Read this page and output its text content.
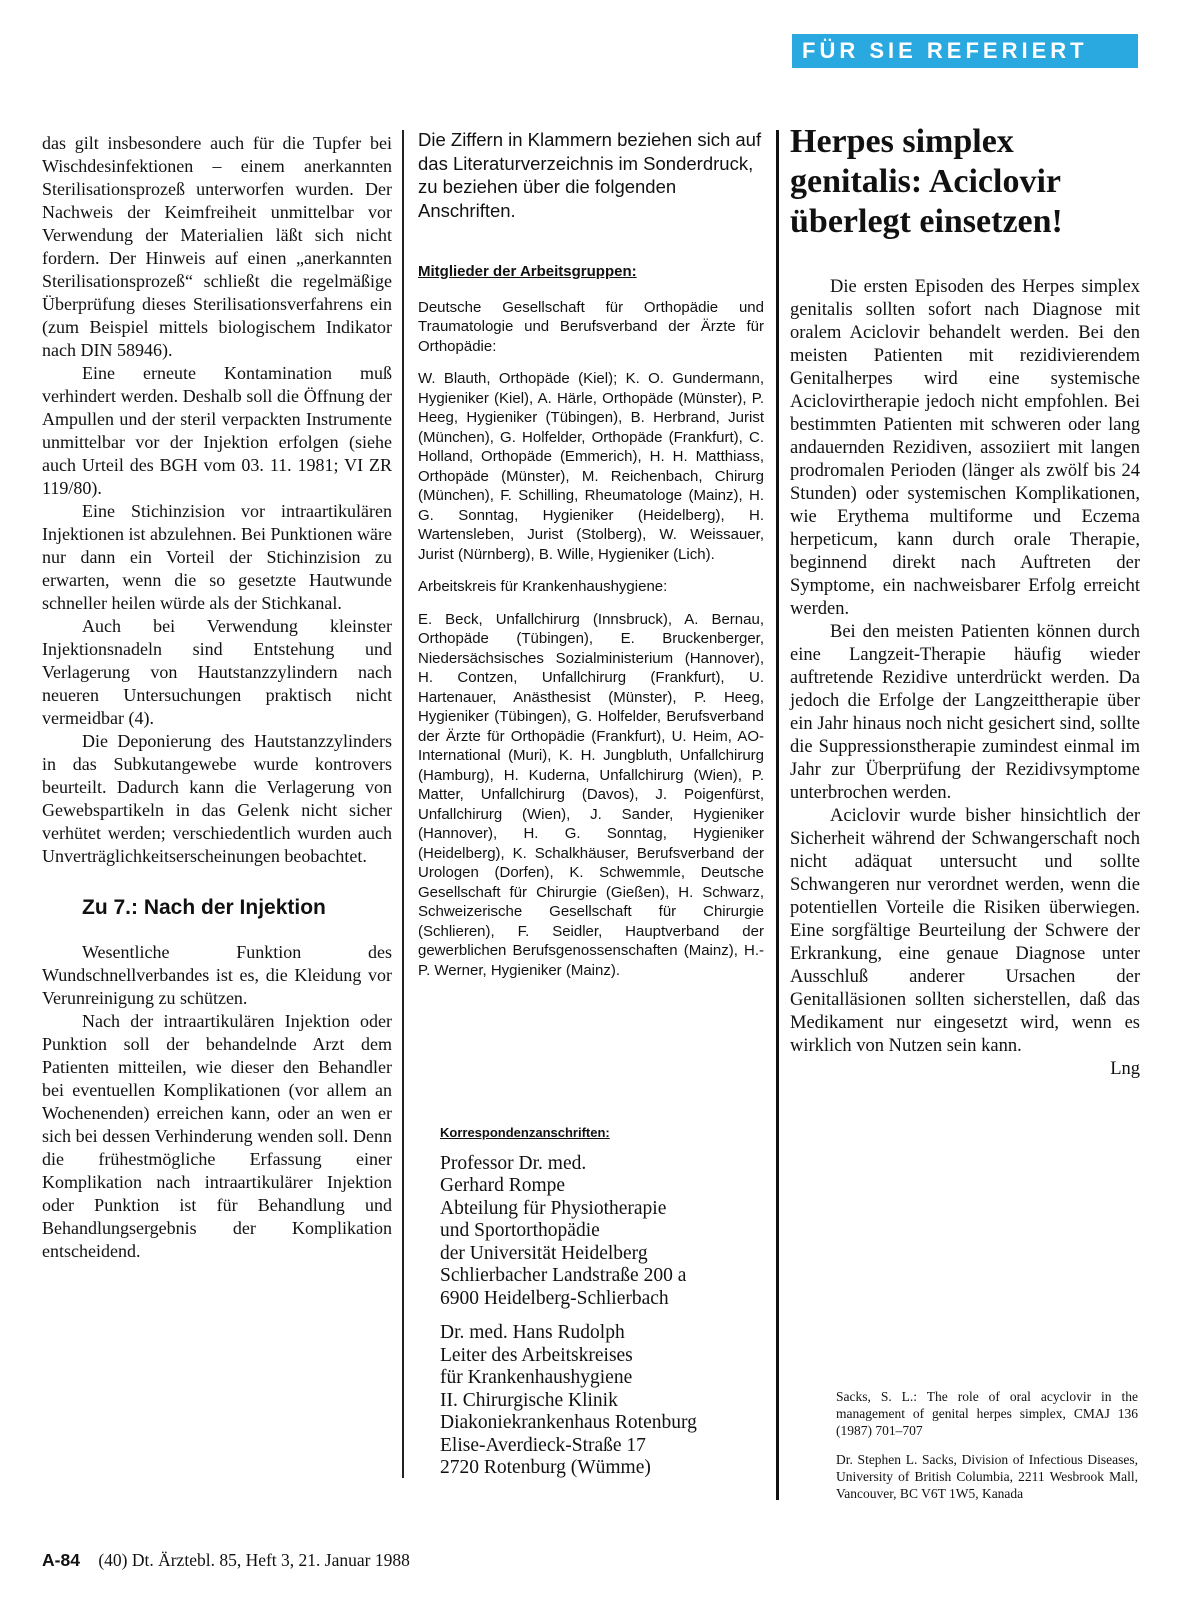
FÜR SIE REFERIERT

das gilt insbesondere auch für die Tupfer bei Wischdesinfektionen – einem anerkannten Sterilisationsprozeß unterworfen wurden. Der Nachweis der Keimfreiheit unmittelbar vor Verwendung der Materialien läßt sich nicht fordern. Der Hinweis auf einen „anerkannten Sterilisationsprozeß“ schließt die regelmäßige Überprüfung dieses Sterilisationsverfahrens ein (zum Beispiel mittels biologischem Indikator nach DIN 58946).

Eine erneute Kontamination muß verhindert werden. Deshalb soll die Öffnung der Ampullen und der steril verpackten Instrumente unmittelbar vor der Injektion erfolgen (siehe auch Urteil des BGH vom 03. 11. 1981; VI ZR 119/80).

Eine Stichinzision vor intraartikulären Injektionen ist abzulehnen. Bei Punktionen wäre nur dann ein Vorteil der Stichinzision zu erwarten, wenn die so gesetzte Hautwunde schneller heilen würde als der Stichkanal.

Auch bei Verwendung kleinster Injektionsnadeln sind Entstehung und Verlagerung von Hautstanzzylindern nach neueren Untersuchungen praktisch nicht vermeidbar (4).

Die Deponierung des Hautstanzzylinders in das Subkutangewebe wurde kontrovers beurteilt. Dadurch kann die Verlagerung von Gewebspartikeln in das Gelenk nicht sicher verhütet werden; verschiedentlich wurden auch Unverträglichkeitserscheinungen beobachtet.

Zu 7.: Nach der Injektion

Wesentliche Funktion des Wundschnellverbandes ist es, die Kleidung vor Verunreinigung zu schützen.

Nach der intraartikulären Injektion oder Punktion soll der behandelnde Arzt dem Patienten mitteilen, wie dieser den Behandler bei eventuellen Komplikationen (vor allem an Wochenenden) erreichen kann, oder an wen er sich bei dessen Verhinderung wenden soll. Denn die frühestmögliche Erfassung einer Komplikation nach intraartikulärer Injektion oder Punktion ist für Behandlung und Behandlungsergebnis der Komplikation entscheidend.

Die Ziffern in Klammern beziehen sich auf das Literaturverzeichnis im Sonderdruck, zu beziehen über die folgenden Anschriften.

Mitglieder der Arbeitsgruppen:

Deutsche Gesellschaft für Orthopädie und Traumatologie und Berufsverband der Ärzte für Orthopädie:

W. Blauth, Orthopäde (Kiel); K. O. Gundermann, Hygieniker (Kiel), A. Härle, Orthopäde (Münster), P. Heeg, Hygieniker (Tübingen), B. Herbrand, Jurist (München), G. Holfelder, Orthopäde (Frankfurt), C. Holland, Orthopäde (Emmerich), H. H. Matthiass, Orthopäde (Münster), M. Reichenbach, Chirurg (München), F. Schilling, Rheumatologe (Mainz), H. G. Sonntag, Hygieniker (Heidelberg), H. Wartensleben, Jurist (Stolberg), W. Weissauer, Jurist (Nürnberg), B. Wille, Hygieniker (Lich).

Arbeitskreis für Krankenhaushygiene:

E. Beck, Unfallchirurg (Innsbruck), A. Bernau, Orthopäde (Tübingen), E. Bruckenberger, Niedersächsisches Sozialministerium (Hannover), H. Contzen, Unfallchirurg (Frankfurt), U. Hartenauer, Anästhesist (Münster), P. Heeg, Hygieniker (Tübingen), G. Holfelder, Berufsverband der Ärzte für Orthopädie (Frankfurt), U. Heim, AO-International (Muri), K. H. Jungbluth, Unfallchirurg (Hamburg), H. Kuderna, Unfallchirurg (Wien), P. Matter, Unfallchirurg (Davos), J. Poigenfürst, Unfallchirurg (Wien), J. Sander, Hygieniker (Hannover), H. G. Sonntag, Hygieniker (Heidelberg), K. Schalkhäuser, Berufsverband der Urologen (Dorfen), K. Schwemmle, Deutsche Gesellschaft für Chirurgie (Gießen), H. Schwarz, Schweizerische Gesellschaft für Chirurgie (Schlieren), F. Seidler, Hauptverband der gewerblichen Berufsgenossenschaften (Mainz), H.-P. Werner, Hygieniker (Mainz).

Korrespondenzanschriften:

Professor Dr. med.
Gerhard Rompe
Abteilung für Physiotherapie
und Sportorthopädie
der Universität Heidelberg
Schlierbacher Landstraße 200 a
6900 Heidelberg-Schlierbach

Dr. med. Hans Rudolph
Leiter des Arbeitskreises
für Krankenhaushygiene
II. Chirurgische Klinik
Diakoniekrankenhaus Rotenburg
Elise-Averdieck-Straße 17
2720 Rotenburg (Wümme)

Herpes simplex genitalis: Aciclovir überlegt einsetzen!

Die ersten Episoden des Herpes simplex genitalis sollten sofort nach Diagnose mit oralem Aciclovir behandelt werden. Bei den meisten Patienten mit rezidivierendem Genitalherpes wird eine systemische Aciclovirtherapie jedoch nicht empfohlen. Bei bestimmten Patienten mit schweren oder lang andauernden Rezidiven, assoziiert mit langen prodromalen Perioden (länger als zwölf bis 24 Stunden) oder systemischen Komplikationen, wie Erythema multiforme und Eczema herpeticum, kann durch orale Therapie, beginnend direkt nach Auftreten der Symptome, ein nachweisbarer Erfolg erreicht werden.

Bei den meisten Patienten können durch eine Langzeit-Therapie häufig wieder auftretende Rezidive unterdrückt werden. Da jedoch die Erfolge der Langzeittherapie über ein Jahr hinaus noch nicht gesichert sind, sollte die Suppressionstherapie zumindest einmal im Jahr zur Überprüfung der Rezidivsymptome unterbrochen werden.

Aciclovir wurde bisher hinsichtlich der Sicherheit während der Schwangerschaft noch nicht adäquat untersucht und sollte Schwangeren nur verordnet werden, wenn die potentiellen Vorteile die Risiken überwiegen. Eine sorgfältige Beurteilung der Schwere der Erkrankung, eine genaue Diagnose unter Ausschluß anderer Ursachen der Genitalläsionen sollten sicherstellen, daß das Medikament nur eingesetzt wird, wenn es wirklich von Nutzen sein kann.

Lng

Sacks, S. L.: The role of oral acyclovir in the management of genital herpes simplex, CMAJ 136 (1987) 701–707

Dr. Stephen L. Sacks, Division of Infectious Diseases, University of British Columbia, 2211 Wesbrook Mall, Vancouver, BC V6T 1W5, Kanada

A-84 (40) Dt. Ärztebl. 85, Heft 3, 21. Januar 1988
